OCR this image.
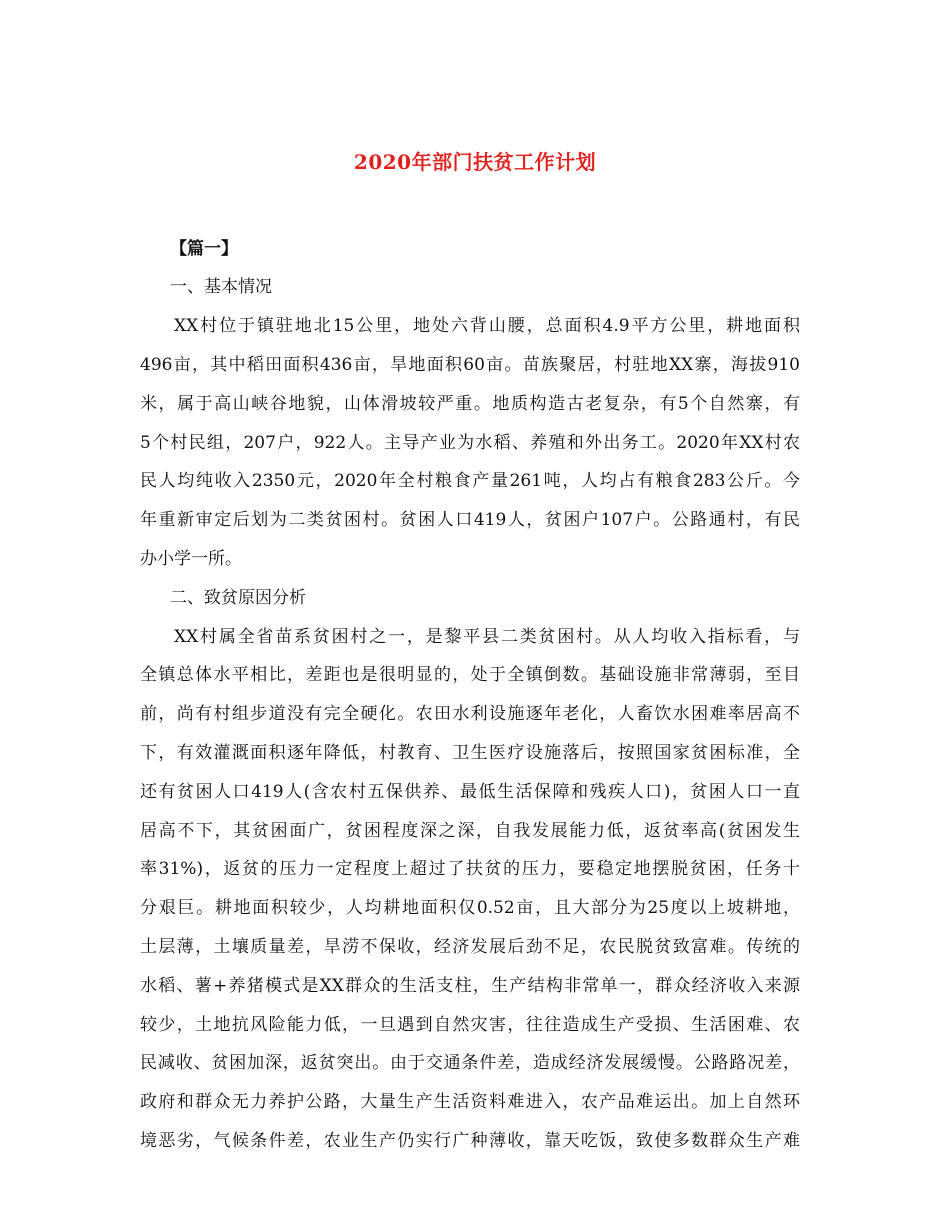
2020年部门扶贫工作计划
【篇一】
一、基本情况
XX村位于镇驻地北15公里，地处六背山腰，总面积4.9平方公里，耕地面积
496亩，其中稻田面积436亩，旱地面积60亩。苗族聚居，村驻地XX寨，海拔910
米，属于高山峡谷地貌，山体滑坡较严重。地质构造古老复杂，有5个自然寨，有
5个村民组，207户，922人。主导产业为水稻、养殖和外出务工。2020年XX村农
民人均纯收入2350元，2020年全村粮食产量261吨，人均占有粮食283公斤。今
年重新审定后划为二类贫困村。贫困人口419人，贫困户107户。公路通村，有民
办小学一所。
二、致贫原因分析
XX村属全省苗系贫困村之一，是黎平县二类贫困村。从人均收入指标看，与
全镇总体水平相比，差距也是很明显的，处于全镇倒数。基础设施非常薄弱，至目
前，尚有村组步道没有完全硬化。农田水利设施逐年老化，人畜饮水困难率居高不
下，有效灌溉面积逐年降低，村教育、卫生医疗设施落后，按照国家贫困标准，全
还有贫困人口419人(含农村五保供养、最低生活保障和残疾人口)，贫困人口一直
居高不下，其贫困面广，贫困程度深之深，自我发展能力低，返贫率高(贫困发生
率31%)，返贫的压力一定程度上超过了扶贫的压力，要稳定地摆脱贫困，任务十
分艰巨。耕地面积较少，人均耕地面积仅0.52亩，且大部分为25度以上坡耕地，
土层薄，土壤质量差，旱涝不保收，经济发展后劲不足，农民脱贫致富难。传统的
水稻、薯+养猪模式是XX群众的生活支柱，生产结构非常单一，群众经济收入来源
较少，土地抗风险能力低，一旦遇到自然灾害，往往造成生产受损、生活困难、农
民减收、贫困加深，返贫突出。由于交通条件差，造成经济发展缓慢。公路路况差，
政府和群众无力养护公路，大量生产生活资料难进入，农产品难运出。加上自然环
境恶劣，气候条件差，农业生产仍实行广种薄收，靠天吃饭，致使多数群众生产难
